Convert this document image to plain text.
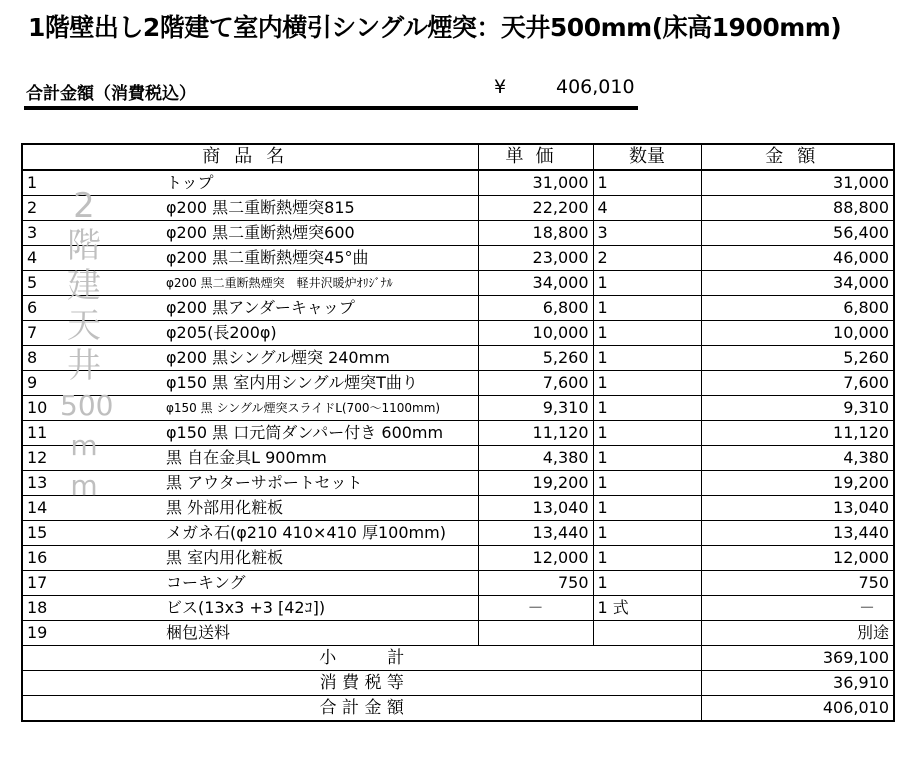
1階壁出し2階建て室内横引シングル煙突：天井500mm(床高1900mm)
合計金額（消費税込）	¥	406,010
商品名	単価	数量	金額

1 トップ	31,000	1	31,000

2 φ200 黒二重断熱煙突815	22,200	4	88,800

3 φ200 黒二重断熱煙突600	18,800	3	56,400

4 φ200 黒二重断熱煙突45°曲	23,000	2	46,000

5 φ200 黒二重断熱煙突　軽井沢暖炉ｵﾘｼﾞﾅﾙ	34,000	1	34,000

6 φ200 黒アンダーキャップ	6,800	1	6,800

7 φ205(長200φ)	10,000	1	10,000

8 φ200 黒シングル煙突 240mm	5,260	1	5,260

9 φ150 黒 室内用シングル煙突T曲り	7,600	1	7,600

10 φ150 黒 シングル煙突スライドL(700～1100mm)	9,310	1	9,310

11 φ150 黒 口元筒ダンパー付き 600mm	11,120	1	11,120

12 黒 自在金具L 900mm	4,380	1	4,380

13 黒 アウターサポートセット	19,200	1	19,200

14 黒 外部用化粧板	13,040	1	13,040

15 メガネ石(φ210 410×410 厚100mm)	13,440	1	13,440

16 黒 室内用化粧板	12,000	1	12,000

17 コーキング	750	1	750

18 ビス(13x3 +3 [42ｺ])	－	1 式	－

19 梱包送料			別途
小　　　計			369,100
消 費 税 等			36,910
合 計 金 額			406,010
2
階
建
天
井
500
m
m
